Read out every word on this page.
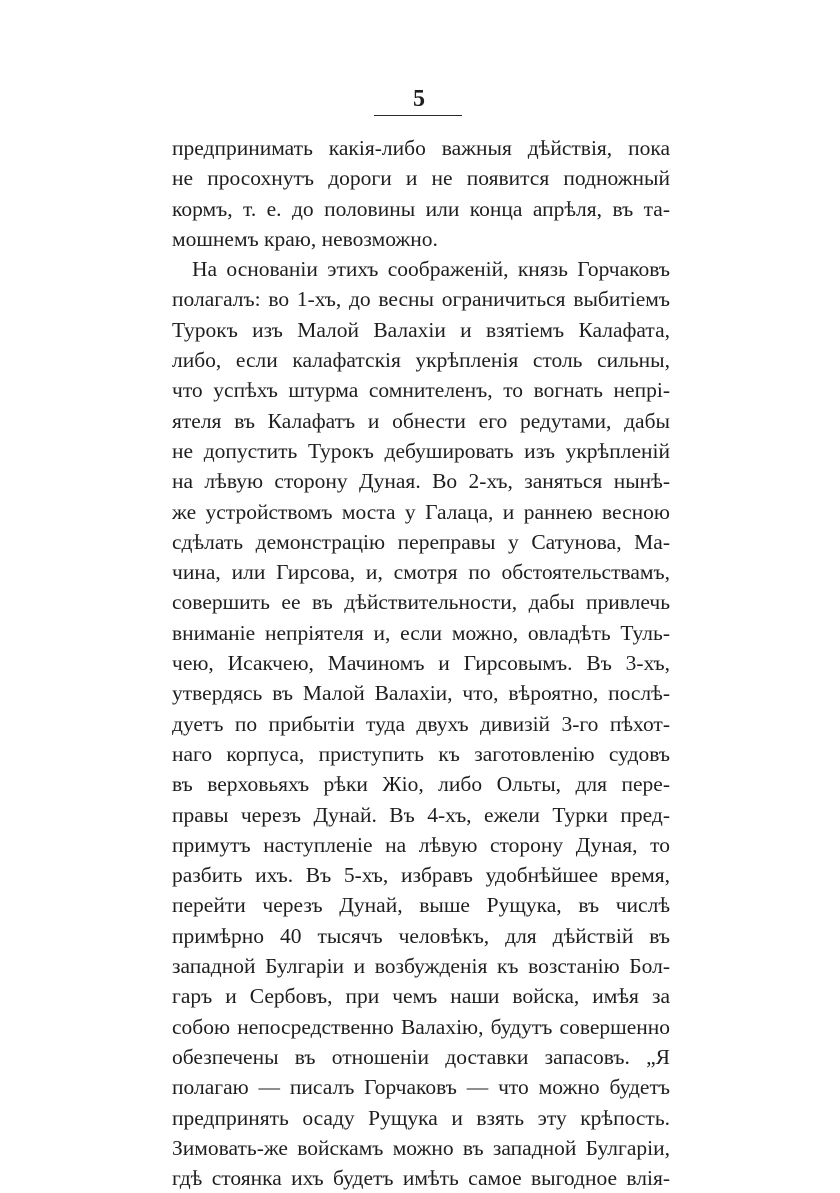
5
предпринимать какія-либо важныя дѣйствія, пока
не просохнутъ дороги и не появится подножный
кормъ, т. е. до половины или конца апрѣля, въ та-
мошнемъ краю, невозможно.
На основаніи этихъ соображеній, князь Горчаковъ
полагалъ: во 1-хъ, до весны ограничиться выбитіемъ
Турокъ изъ Малой Валахіи и взятіемъ Калафата,
либо, если калафатскія укрѣпленія столь сильны,
что успѣхъ штурма сомнителенъ, то вогнать непрі-
ятеля въ Калафатъ и обнести его редутами, дабы
не допустить Турокъ дебушировать изъ укрѣпленій
на лѣвую сторону Дуная. Во 2-хъ, заняться нынѣ-
же устройствомъ моста у Галаца, и раннею весною
сдѣлать демонстрацію переправы у Сатунова, Ма-
чина, или Гирсова, и, смотря по обстоятельствамъ,
совершить ее въ дѣйствительности, дабы привлечь
вниманіе непріятеля и, если можно, овладѣть Туль-
чею, Исакчею, Мачиномъ и Гирсовымъ. Въ 3-хъ,
утвердясь въ Малой Валахіи, что, вѣроятно, послѣ-
дуетъ по прибытіи туда двухъ дивизій 3-го пѣхот-
наго корпуса, приступить къ заготовленію судовъ
въ верховьяхъ рѣки Жіо, либо Ольты, для пере-
правы черезъ Дунай. Въ 4-хъ, ежели Турки пред-
примутъ наступленіе на лѣвую сторону Дуная, то
разбить ихъ. Въ 5-хъ, избравъ удобнѣйшее время,
перейти черезъ Дунай, выше Рущука, въ числѣ
примѣрно 40 тысячъ человѣкъ, для дѣйствій въ
западной Булгаріи и возбужденія къ возстанію Бол-
гаръ и Сербовъ, при чемъ наши войска, имѣя за
собою непосредственно Валахію, будутъ совершенно
обезпечены въ отношеніи доставки запасовъ. „Я
полагаю — писалъ Горчаковъ — что можно будетъ
предпринять осаду Рущука и взять эту крѣпость.
Зимовать-же войскамъ можно въ западной Булгаріи,
гдѣ стоянка ихъ будетъ имѣть самое выгодное влія-
